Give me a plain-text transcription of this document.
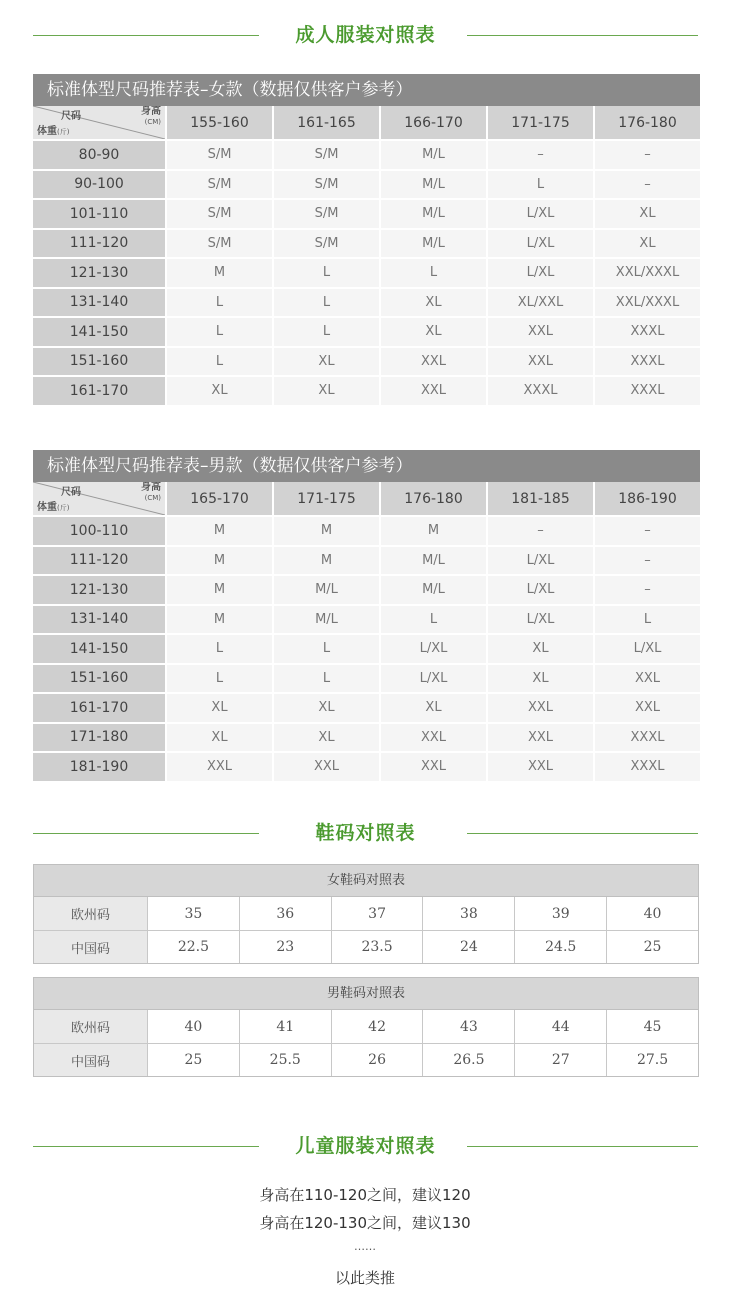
成人服装对照表
标准体型尺码推荐表–女款（数据仅供客户参考）
尺码	身高
(CM)
体重(斤)
155-160	161-165	166-170	171-175	176-180
80-90	S/M	S/M	M/L	–	–
90-100	S/M	S/M	M/L	L	–
101-110	S/M	S/M	M/L	L/XL	XL
111-120	S/M	S/M	M/L	L/XL	XL
121-130	M	L	L	L/XL	XXL/XXXL
131-140	L	L	XL	XL/XXL	XXL/XXXL
141-150	L	L	XL	XXL	XXXL
151-160	L	XL	XXL	XXL	XXXL
161-170	XL	XL	XXL	XXXL	XXXL
标准体型尺码推荐表–男款（数据仅供客户参考）
尺码	身高
(CM)
体重(斤)
165-170	171-175	176-180	181-185	186-190
100-110	M	M	M	–	–
111-120	M	M	M/L	L/XL	–
121-130	M	M/L	M/L	L/XL	–
131-140	M	M/L	L	L/XL	L
141-150	L	L	L/XL	XL	L/XL
151-160	L	L	L/XL	XL	XXL
161-170	XL	XL	XL	XXL	XXL
171-180	XL	XL	XXL	XXL	XXXL
181-190	XXL	XXL	XXL	XXL	XXXL
鞋码对照表
女鞋码对照表
欧州码	35	36	37	38	39	40
中国码	22.5	23	23.5	24	24.5	25
男鞋码对照表
欧州码	40	41	42	43	44	45
中国码	25	25.5	26	26.5	27	27.5
儿童服装对照表
身高在110-120之间，建议120
身高在120-130之间，建议130
……
以此类推
